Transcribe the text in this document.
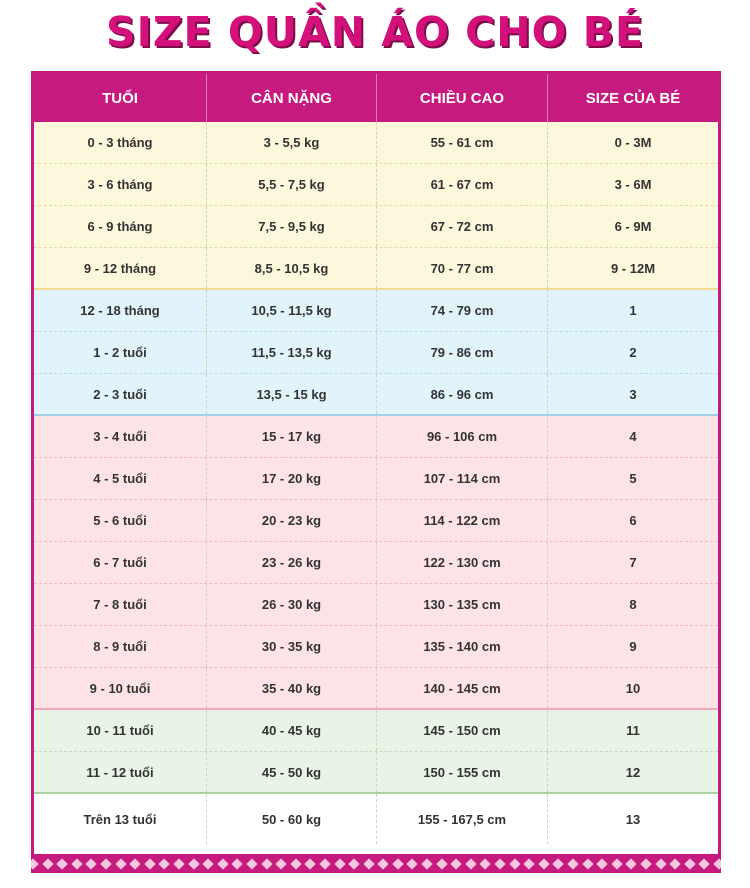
SIZE QUẦN ÁO CHO BÉ
TUỔI	CÂN NẶNG	CHIỀU CAO	SIZE CỦA BÉ
0 - 3 tháng	3 - 5,5 kg	55 - 61 cm	0 - 3M
3 - 6 tháng	5,5 - 7,5 kg	61 - 67 cm	3 - 6M
6 - 9 tháng	7,5 - 9,5 kg	67 - 72 cm	6 - 9M
9 - 12 tháng	8,5 - 10,5 kg	70 - 77 cm	9 - 12M
12 - 18 tháng	10,5 - 11,5 kg	74 - 79 cm	1
1 - 2 tuổi	11,5 - 13,5 kg	79 - 86 cm	2
2 - 3 tuổi	13,5 - 15 kg	86 - 96 cm	3
3 - 4 tuổi	15 - 17 kg	96 - 106 cm	4
4 - 5 tuổi	17 - 20 kg	107 - 114 cm	5
5 - 6 tuổi	20 - 23 kg	114 - 122 cm	6
6 - 7 tuổi	23 - 26 kg	122 - 130 cm	7
7 - 8 tuổi	26 - 30 kg	130 - 135 cm	8
8 - 9 tuổi	30 - 35 kg	135 - 140 cm	9
9 - 10 tuổi	35 - 40 kg	140 - 145 cm	10
10 - 11 tuổi	40 - 45 kg	145 - 150 cm	11
11 - 12 tuổi	45 - 50 kg	150 - 155 cm	12
Trên 13 tuổi	50 - 60 kg	155 - 167,5 cm	13
